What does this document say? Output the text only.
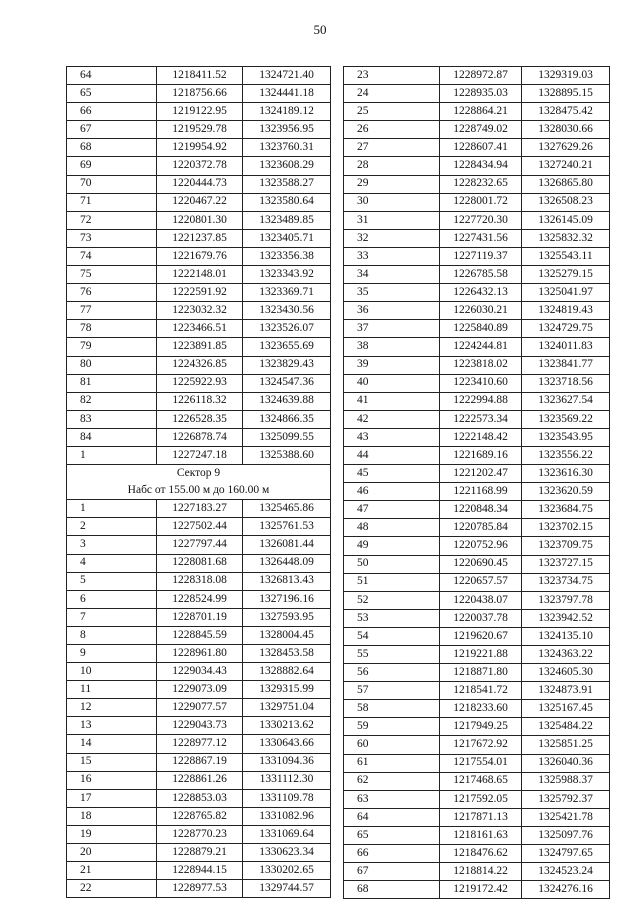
50
64	1218411.52	1324721.40
65	1218756.66	1324441.18
66	1219122.95	1324189.12
67	1219529.78	1323956.95
68	1219954.92	1323760.31
69	1220372.78	1323608.29
70	1220444.73	1323588.27
71	1220467.22	1323580.64
72	1220801.30	1323489.85
73	1221237.85	1323405.71
74	1221679.76	1323356.38
75	1222148.01	1323343.92
76	1222591.92	1323369.71
77	1223032.32	1323430.56
78	1223466.51	1323526.07
79	1223891.85	1323655.69
80	1224326.85	1323829.43
81	1225922.93	1324547.36
82	1226118.32	1324639.88
83	1226528.35	1324866.35
84	1226878.74	1325099.55
1	1227247.18	1325388.60
Сектор 9		
Набс от 155.00 м до 160.00 м		
1	1227183.27	1325465.86
2	1227502.44	1325761.53
3	1227797.44	1326081.44
4	1228081.68	1326448.09
5	1228318.08	1326813.43
6	1228524.99	1327196.16
7	1228701.19	1327593.95
8	1228845.59	1328004.45
9	1228961.80	1328453.58
10	1229034.43	1328882.64
11	1229073.09	1329315.99
12	1229077.57	1329751.04
13	1229043.73	1330213.62
14	1228977.12	1330643.66
15	1228867.19	1331094.36
16	1228861.26	1331112.30
17	1228853.03	1331109.78
18	1228765.82	1331082.96
19	1228770.23	1331069.64
20	1228879.21	1330623.34
21	1228944.15	1330202.65
22	1228977.53	1329744.57
23	1228972.87	1329319.03
24	1228935.03	1328895.15
25	1228864.21	1328475.42
26	1228749.02	1328030.66
27	1228607.41	1327629.26
28	1228434.94	1327240.21
29	1228232.65	1326865.80
30	1228001.72	1326508.23
31	1227720.30	1326145.09
32	1227431.56	1325832.32
33	1227119.37	1325543.11
34	1226785.58	1325279.15
35	1226432.13	1325041.97
36	1226030.21	1324819.43
37	1225840.89	1324729.75
38	1224244.81	1324011.83
39	1223818.02	1323841.77
40	1223410.60	1323718.56
41	1222994.88	1323627.54
42	1222573.34	1323569.22
43	1222148.42	1323543.95
44	1221689.16	1323556.22
45	1221202.47	1323616.30
46	1221168.99	1323620.59
47	1220848.34	1323684.75
48	1220785.84	1323702.15
49	1220752.96	1323709.75
50	1220690.45	1323727.15
51	1220657.57	1323734.75
52	1220438.07	1323797.78
53	1220037.78	1323942.52
54	1219620.67	1324135.10
55	1219221.88	1324363.22
56	1218871.80	1324605.30
57	1218541.72	1324873.91
58	1218233.60	1325167.45
59	1217949.25	1325484.22
60	1217672.92	1325851.25
61	1217554.01	1326040.36
62	1217468.65	1325988.37
63	1217592.05	1325792.37
64	1217871.13	1325421.78
65	1218161.63	1325097.76
66	1218476.62	1324797.65
67	1218814.22	1324523.24
68	1219172.42	1324276.16
